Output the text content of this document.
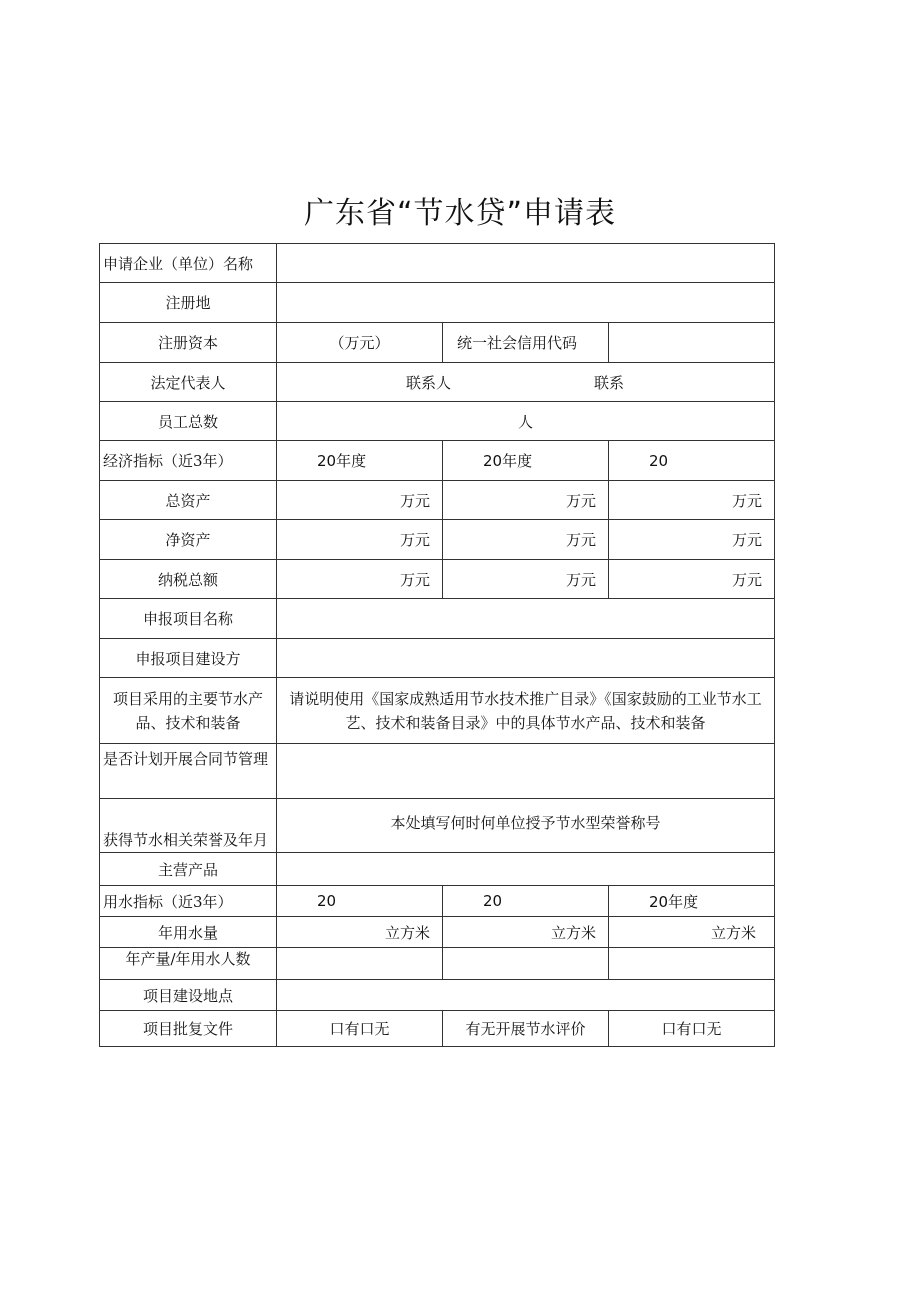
广东省“节水贷”申请表
申请企业（单位）名称			
注册地			
注册资本	（万元）	统一社会信用代码	
法定代表人	联系人 联系		
员工总数	人		
经济指标（近3年）	20年度	20年度	20
总资产	万元	万元	万元
净资产	万元	万元	万元
纳税总额	万元	万元	万元
申报项目名称			
申报项目建设方			
项目采用的主要节水产品、技术和装备	请说明使用《国家成熟适用节水技术推广目录》《国家鼓励的工业节水工艺、技术和装备目录》中的具体节水产品、技术和装备		
是否计划开展合同节管理			
获得节水相关荣誉及年月	本处填写何时何单位授予节水型荣誉称号		
主营产品			
用水指标（近3年）	20	20	20年度
年用水量	立方米	立方米	立方米
年产量/年用水人数			
项目建设地点			
项目批复文件	口有口无	有无开展节水评价	口有口无
